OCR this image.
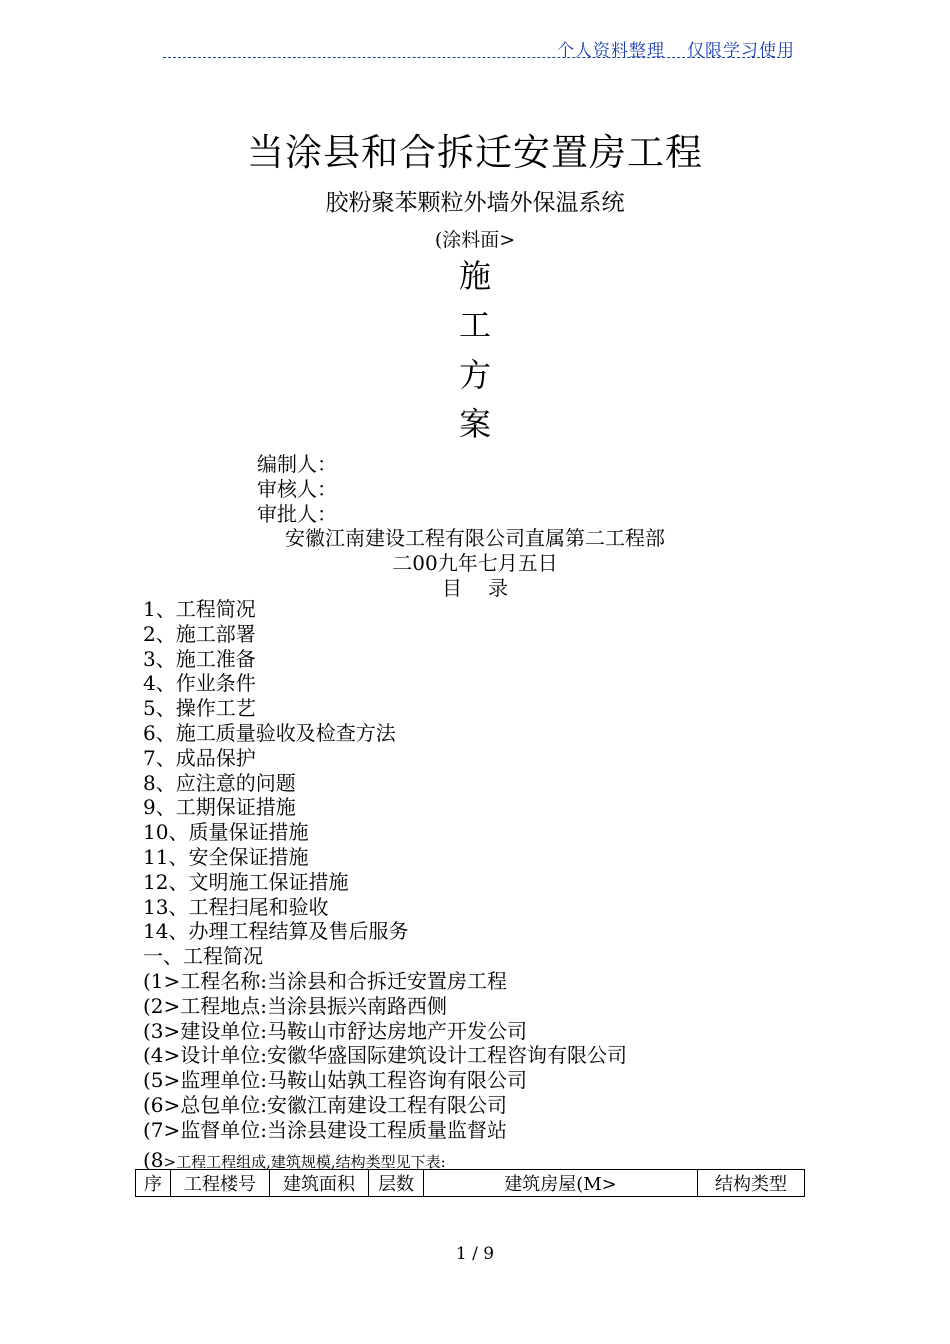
个人资料整理 仅限学习使用
当涂县和合拆迁安置房工程
胶粉聚苯颗粒外墙外保温系统
(涂料面>
施
工
方
案
编制人：
审核人：
审批人：
安徽江南建设工程有限公司直属第二工程部
二00九年七月五日
目 录
1、工程简况
2、施工部署
3、施工准备
4、作业条件
5、操作工艺
6、施工质量验收及检查方法
7、成品保护
8、应注意的问题
9、工期保证措施
10、质量保证措施
11、安全保证措施
12、文明施工保证措施
13、工程扫尾和验收
14、办理工程结算及售后服务
一、工程简况
(1>工程名称:当涂县和合拆迁安置房工程
(2>工程地点:当涂县振兴南路西侧
(3>建设单位:马鞍山市舒达房地产开发公司
(4>设计单位:安徽华盛国际建筑设计工程咨询有限公司
(5>监理单位:马鞍山姑孰工程咨询有限公司
(6>总包单位:安徽江南建设工程有限公司
(7>监督单位:当涂县建设工程质量监督站
(8>工程工程组成,建筑规模,结构类型见下表:
序	工程楼号	建筑面积	层数	建筑房屋(M>	结构类型
1 / 9
